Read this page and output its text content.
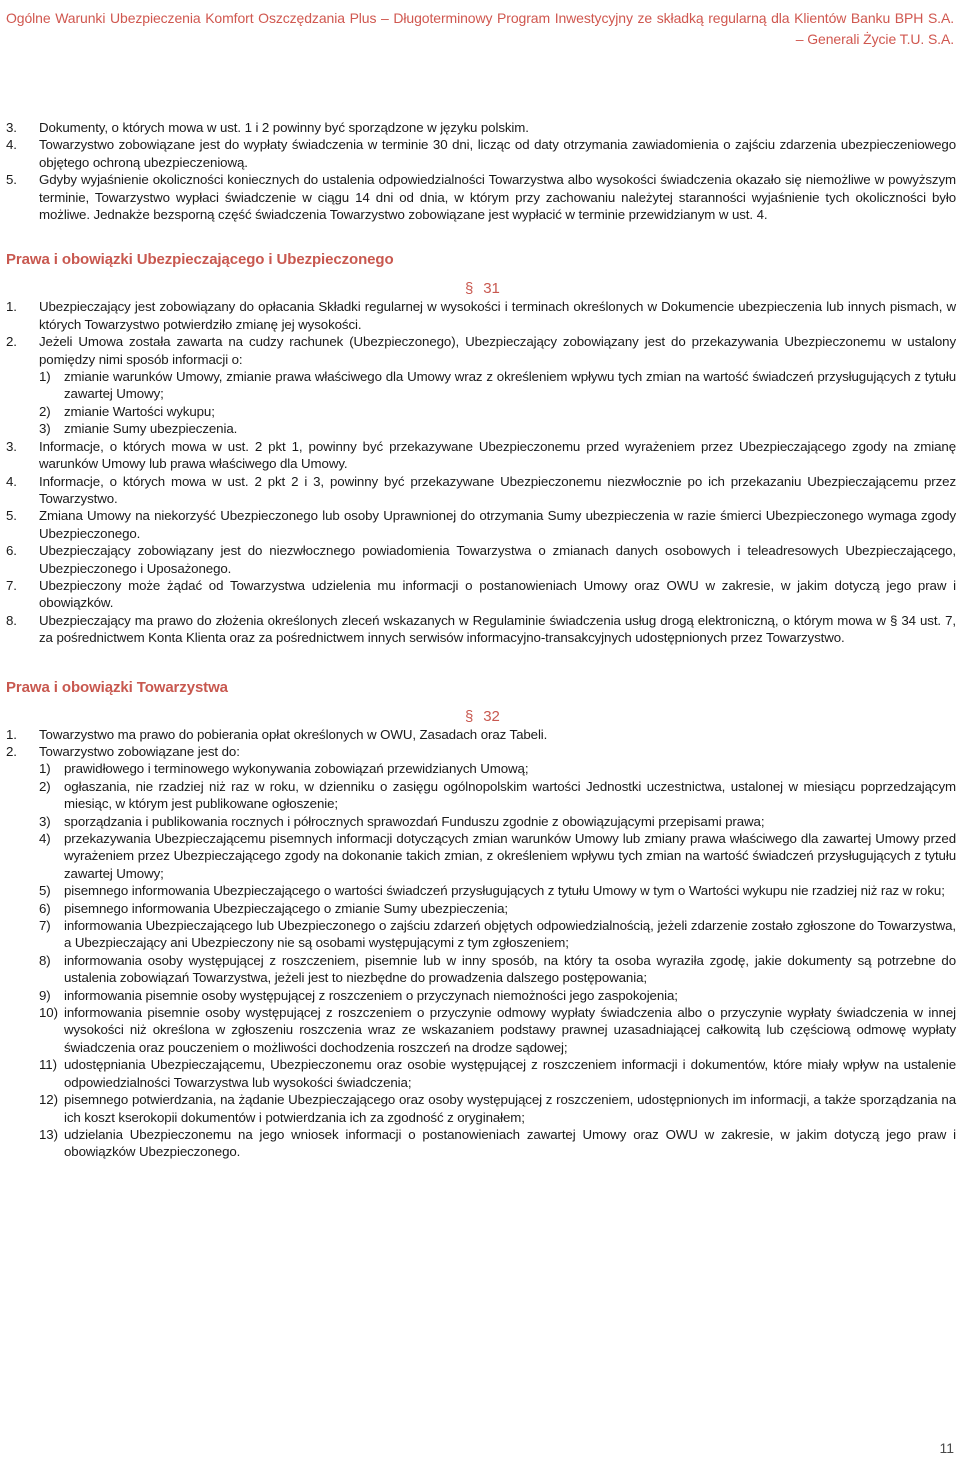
Ogólne Warunki Ubezpieczenia Komfort Oszczędzania Plus – Długoterminowy Program Inwestycyjny ze składką regularną dla Klientów Banku BPH S.A.
– Generali Życie T.U. S.A.
3. Dokumenty, o których mowa w ust. 1 i 2 powinny być sporządzone w języku polskim.
4. Towarzystwo zobowiązane jest do wypłaty świadczenia w terminie 30 dni, licząc od daty otrzymania zawiadomienia o zajściu zdarzenia ubezpieczeniowego objętego ochroną ubezpieczeniową.
5. Gdyby wyjaśnienie okoliczności koniecznych do ustalenia odpowiedzialności Towarzystwa albo wysokości świadczenia okazało się niemożliwe w powyższym terminie, Towarzystwo wypłaci świadczenie w ciągu 14 dni od dnia, w którym przy zachowaniu należytej staranności wyjaśnienie tych okoliczności było możliwe. Jednakże bezsporną część świadczenia Towarzystwo zobowiązane jest wypłacić w terminie przewidzianym w ust. 4.
Prawa i obowiązki Ubezpieczającego i Ubezpieczonego
§ 31
1. Ubezpieczający jest zobowiązany do opłacania Składki regularnej w wysokości i terminach określonych w Dokumencie ubezpieczenia lub innych pismach, w których Towarzystwo potwierdziło zmianę jej wysokości.
2. Jeżeli Umowa została zawarta na cudzy rachunek (Ubezpieczonego), Ubezpieczający zobowiązany jest do przekazywania Ubezpieczonemu w ustalony pomiędzy nimi sposób informacji o:
1) zmianie warunków Umowy, zmianie prawa właściwego dla Umowy wraz z określeniem wpływu tych zmian na wartość świadczeń przysługujących z tytułu zawartej Umowy;
2) zmianie Wartości wykupu;
3) zmianie Sumy ubezpieczenia.
3. Informacje, o których mowa w ust. 2 pkt 1, powinny być przekazywane Ubezpieczonemu przed wyrażeniem przez Ubezpieczającego zgody na zmianę warunków Umowy lub prawa właściwego dla Umowy.
4. Informacje, o których mowa w ust. 2 pkt 2 i 3, powinny być przekazywane Ubezpieczonemu niezwłocznie po ich przekazaniu Ubezpieczającemu przez Towarzystwo.
5. Zmiana Umowy na niekorzyść Ubezpieczonego lub osoby Uprawnionej do otrzymania Sumy ubezpieczenia w razie śmierci Ubezpieczonego wymaga zgody Ubezpieczonego.
6. Ubezpieczający zobowiązany jest do niezwłocznego powiadomienia Towarzystwa o zmianach danych osobowych i teleadresowych Ubezpieczającego, Ubezpieczonego i Uposażonego.
7. Ubezpieczony może żądać od Towarzystwa udzielenia mu informacji o postanowieniach Umowy oraz OWU w zakresie, w jakim dotyczą jego praw i obowiązków.
8. Ubezpieczający ma prawo do złożenia określonych zleceń wskazanych w Regulaminie świadczenia usług drogą elektroniczną, o którym mowa w § 34 ust. 7, za pośrednictwem Konta Klienta oraz za pośrednictwem innych serwisów informacyjno-transakcyjnych udostępnionych przez Towarzystwo.
Prawa i obowiązki Towarzystwa
§ 32
1. Towarzystwo ma prawo do pobierania opłat określonych w OWU, Zasadach oraz Tabeli.
2. Towarzystwo zobowiązane jest do:
1) prawidłowego i terminowego wykonywania zobowiązań przewidzianych Umową;
2) ogłaszania, nie rzadziej niż raz w roku, w dzienniku o zasięgu ogólnopolskim wartości Jednostki uczestnictwa, ustalonej w miesiącu poprzedzającym miesiąc, w którym jest publikowane ogłoszenie;
3) sporządzania i publikowania rocznych i półrocznych sprawozdań Funduszu zgodnie z obowiązującymi przepisami prawa;
4) przekazywania Ubezpieczającemu pisemnych informacji dotyczących zmian warunków Umowy lub zmiany prawa właściwego dla zawartej Umowy przed wyrażeniem przez Ubezpieczającego zgody na dokonanie takich zmian, z określeniem wpływu tych zmian na wartość świadczeń przysługujących z tytułu zawartej Umowy;
5) pisemnego informowania Ubezpieczającego o wartości świadczeń przysługujących z tytułu Umowy w tym o Wartości wykupu nie rzadziej niż raz w roku;
6) pisemnego informowania Ubezpieczającego o zmianie Sumy ubezpieczenia;
7) informowania Ubezpieczającego lub Ubezpieczonego o zajściu zdarzeń objętych odpowiedzialnością, jeżeli zdarzenie zostało zgłoszone do Towarzystwa, a Ubezpieczający ani Ubezpieczony nie są osobami występującymi z tym zgłoszeniem;
8) informowania osoby występującej z roszczeniem, pisemnie lub w inny sposób, na który ta osoba wyraziła zgodę, jakie dokumenty są potrzebne do ustalenia zobowiązań Towarzystwa, jeżeli jest to niezbędne do prowadzenia dalszego postępowania;
9) informowania pisemnie osoby występującej z roszczeniem o przyczynach niemożności jego zaspokojenia;
10) informowania pisemnie osoby występującej z roszczeniem o przyczynie odmowy wypłaty świadczenia albo o przyczynie wypłaty świadczenia w innej wysokości niż określona w zgłoszeniu roszczenia wraz ze wskazaniem podstawy prawnej uzasadniającej całkowitą lub częściową odmowę wypłaty świadczenia oraz pouczeniem o możliwości dochodzenia roszczeń na drodze sądowej;
11) udostępniania Ubezpieczającemu, Ubezpieczonemu oraz osobie występującej z roszczeniem informacji i dokumentów, które miały wpływ na ustalenie odpowiedzialności Towarzystwa lub wysokości świadczenia;
12) pisemnego potwierdzania, na żądanie Ubezpieczającego oraz osoby występującej z roszczeniem, udostępnionych im informacji, a także sporządzania na ich koszt kserokopii dokumentów i potwierdzania ich za zgodność z oryginałem;
13) udzielania Ubezpieczonemu na jego wniosek informacji o postanowieniach zawartej Umowy oraz OWU w zakresie, w jakim dotyczą jego praw i obowiązków Ubezpieczonego.
11
